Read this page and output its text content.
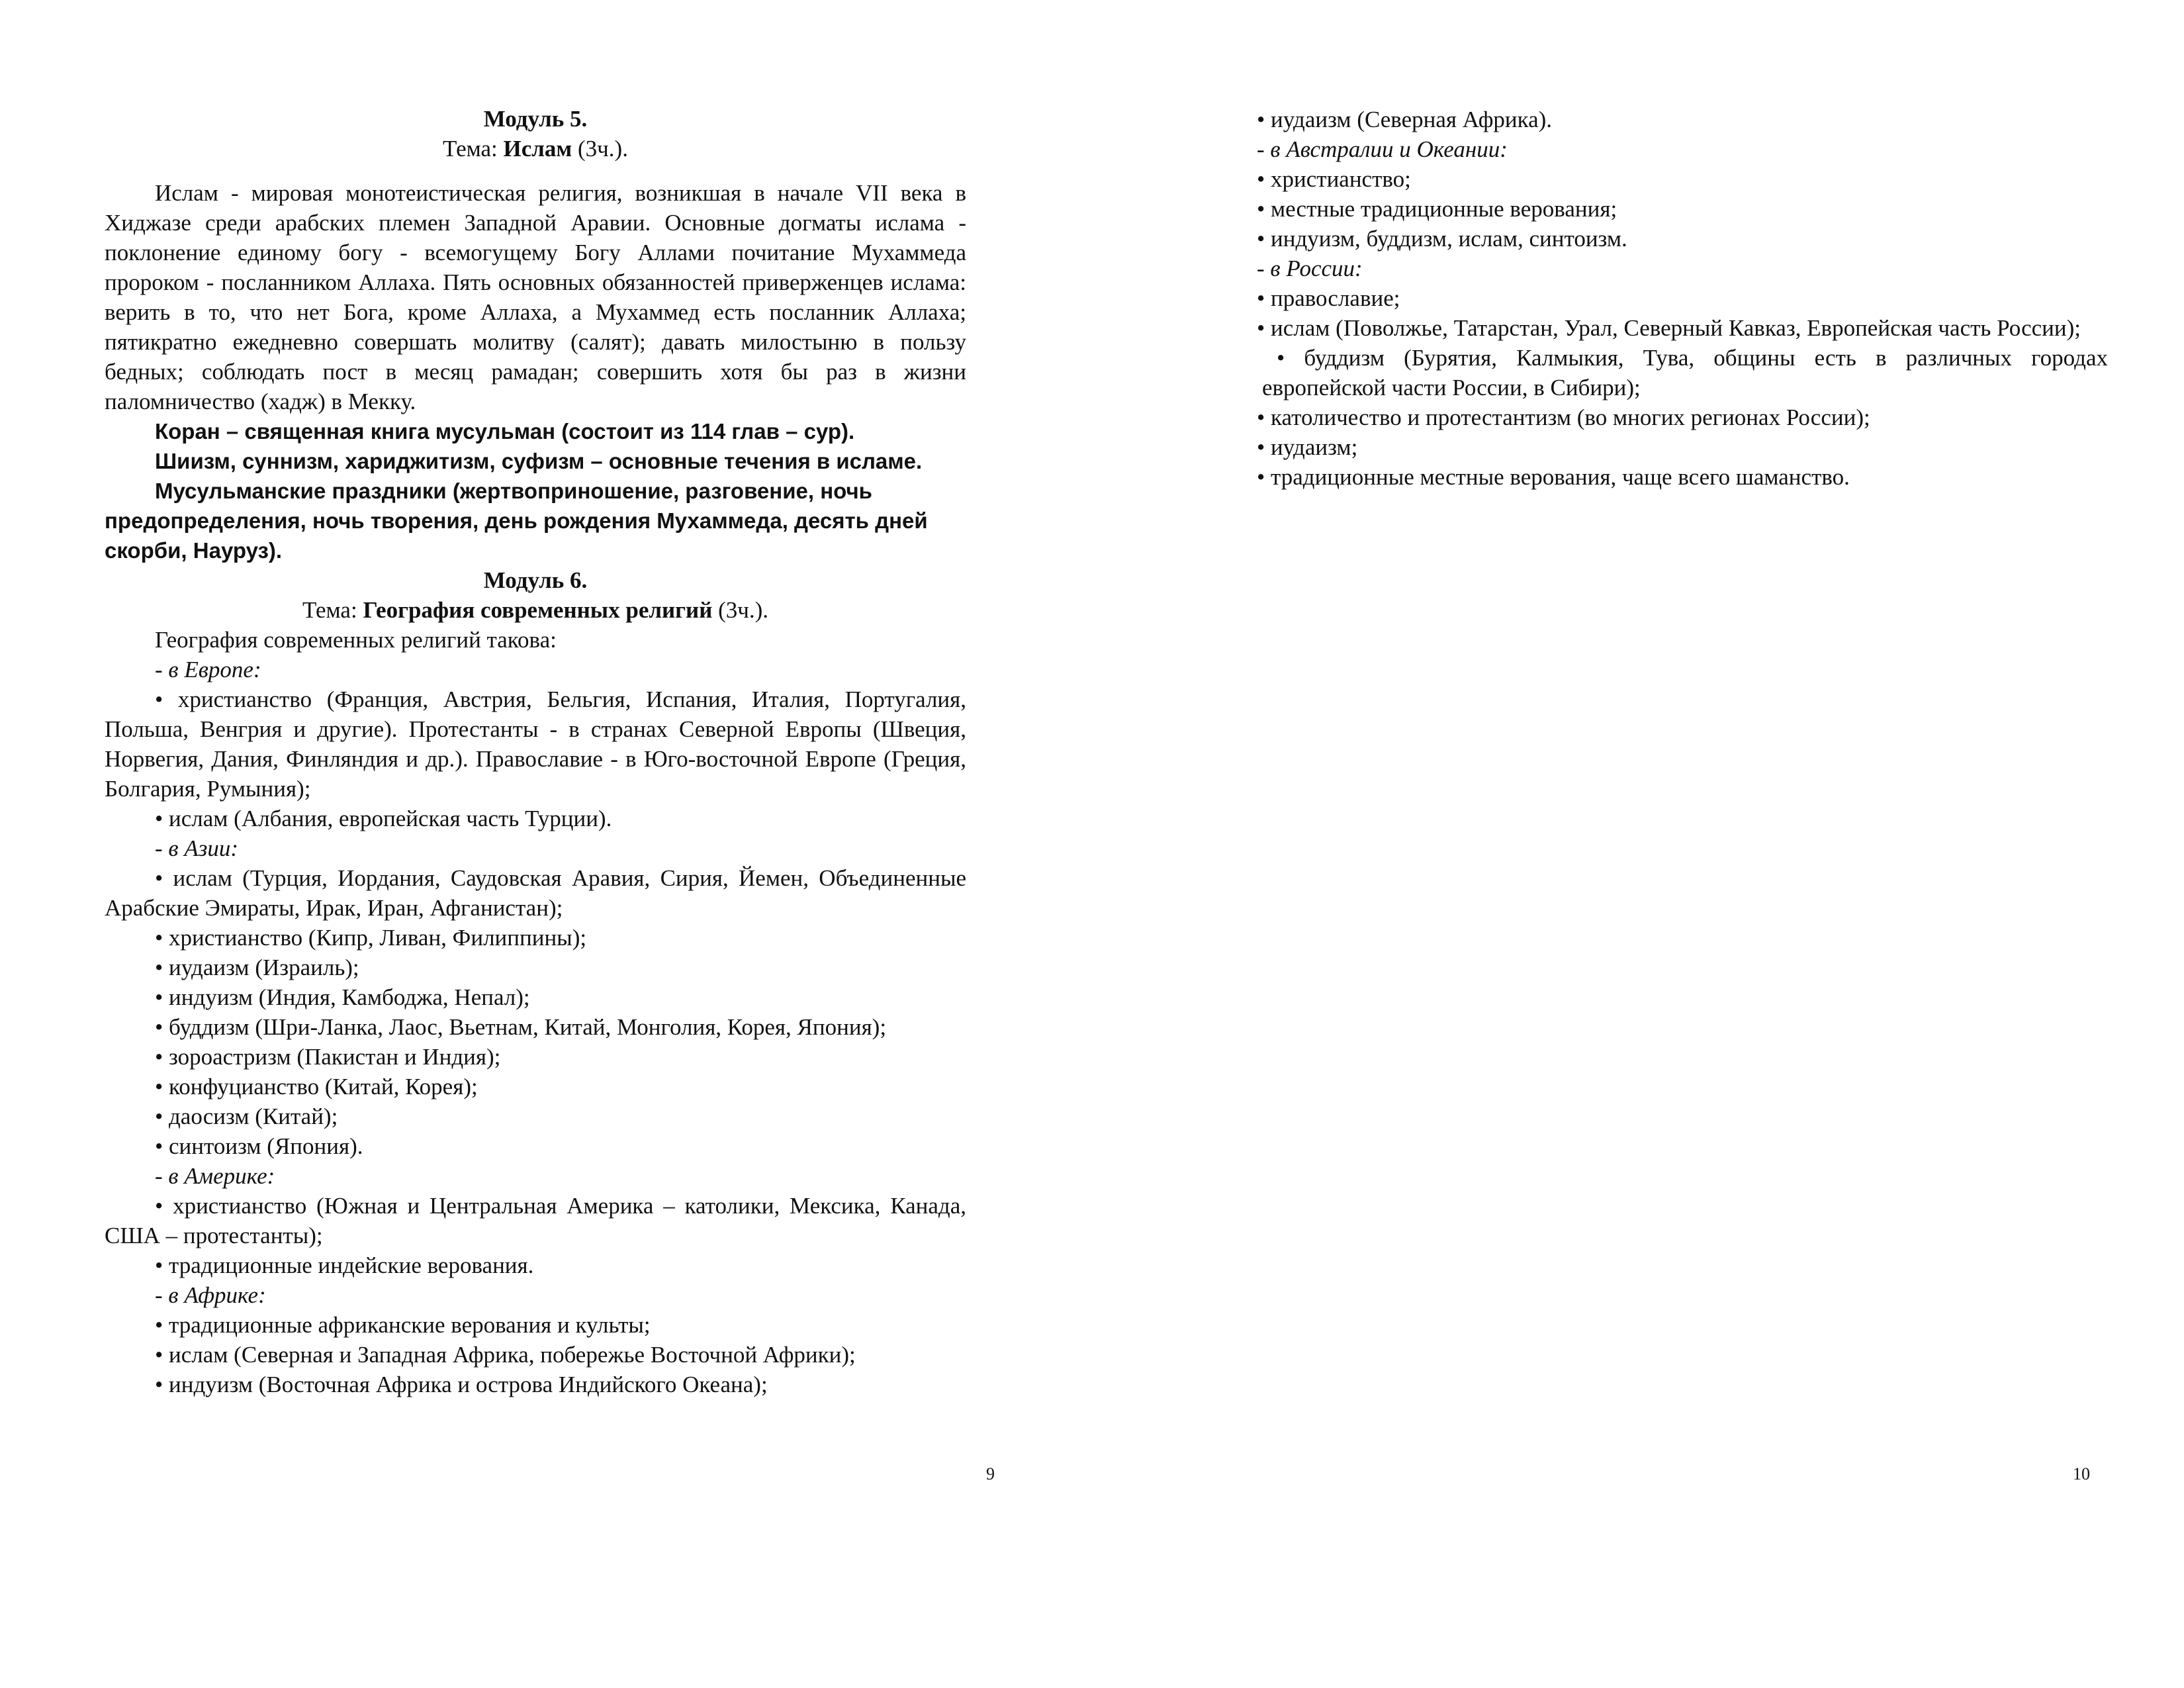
Модуль 5.
Тема: Ислам (3ч.).
Ислам - мировая монотеистическая религия, возникшая в начале VII века в Хиджазе среди арабских племен Западной Аравии. Основные догматы ислама - поклонение единому богу - всемогущему Богу Аллами почитание Мухаммеда пророком - посланником Аллаха. Пять основных обязанностей приверженцев ислама: верить в то, что нет Бога, кроме Аллаха, а Мухаммед есть посланник Аллаха; пятикратно ежедневно совершать молитву (салят); давать милостыню в пользу бедных; соблюдать пост в месяц рамадан; совершить хотя бы раз в жизни паломничество (хадж) в Мекку.
Коран – священная книга мусульман (состоит из 114 глав – сур).
Шиизм, суннизм, хариджитизм, суфизм – основные течения в исламе.
Мусульманские праздники (жертвоприношение, разговение, ночь предопределения, ночь творения, день рождения Мухаммеда, десять дней скорби, Науруз).
Модуль 6.
Тема: География современных религий (3ч.).
География современных религий такова:
- в Европе:
• христианство (Франция, Австрия, Бельгия, Испания, Италия, Португалия, Польша, Венгрия и другие). Протестанты - в странах Северной Европы (Швеция, Норвегия, Дания, Финляндия и др.). Православие - в Юго-восточной Европе (Греция, Болгария, Румыния);
• ислам (Албания, европейская часть Турции).
- в Азии:
• ислам (Турция, Иордания, Саудовская Аравия, Сирия, Йемен, Объединенные Арабские Эмираты, Ирак, Иран, Афганистан);
• христианство (Кипр, Ливан, Филиппины);
• иудаизм (Израиль);
• индуизм (Индия, Камбоджа, Непал);
• буддизм (Шри-Ланка, Лаос, Вьетнам, Китай, Монголия, Корея, Япония);
• зороастризм (Пакистан и Индия);
• конфуцианство (Китай, Корея);
• даосизм (Китай);
• синтоизм (Япония).
- в Америке:
• христианство (Южная и Центральная Америка – католики, Мексика, Канада, США – протестанты);
• традиционные индейские верования.
- в Африке:
• традиционные африканские верования и культы;
• ислам (Северная и Западная Африка, побережье Восточной Африки);
• индуизм (Восточная Африка и острова Индийского Океана);
9
• иудаизм (Северная Африка).
- в Австралии и Океании:
• христианство;
• местные традиционные верования;
• индуизм, буддизм, ислам, синтоизм.
- в России:
• православие;
• ислам (Поволжье, Татарстан, Урал, Северный Кавказ, Европейская часть России);
• буддизм (Бурятия, Калмыкия, Тува, общины есть в различных городах европейской части России, в Сибири);
• католичество и протестантизм (во многих регионах России);
• иудаизм;
• традиционные местные верования, чаще всего шаманство.
10
